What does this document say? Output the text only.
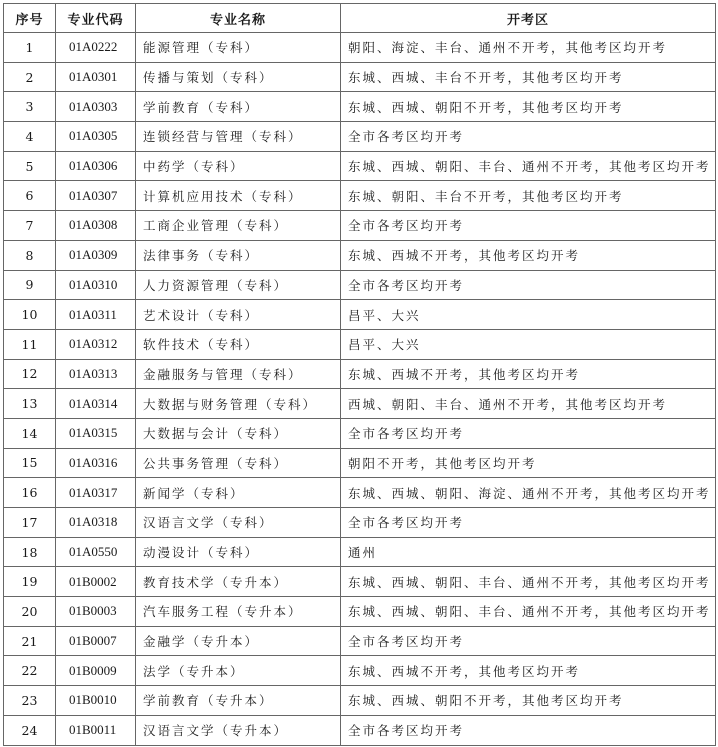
序号	专业代码	专业名称	开考区
1	01A0222	能源管理（专科）	朝阳、海淀、丰台、通州不开考，其他考区均开考
2	01A0301	传播与策划（专科）	东城、西城、丰台不开考，其他考区均开考
3	01A0303	学前教育（专科）	东城、西城、朝阳不开考，其他考区均开考
4	01A0305	连锁经营与管理（专科）	全市各考区均开考
5	01A0306	中药学（专科）	东城、西城、朝阳、丰台、通州不开考，其他考区均开考
6	01A0307	计算机应用技术（专科）	东城、朝阳、丰台不开考，其他考区均开考
7	01A0308	工商企业管理（专科）	全市各考区均开考
8	01A0309	法律事务（专科）	东城、西城不开考，其他考区均开考
9	01A0310	人力资源管理（专科）	全市各考区均开考
10	01A0311	艺术设计（专科）	昌平、大兴
11	01A0312	软件技术（专科）	昌平、大兴
12	01A0313	金融服务与管理（专科）	东城、西城不开考，其他考区均开考
13	01A0314	大数据与财务管理（专科）	西城、朝阳、丰台、通州不开考，其他考区均开考
14	01A0315	大数据与会计（专科）	全市各考区均开考
15	01A0316	公共事务管理（专科）	朝阳不开考，其他考区均开考
16	01A0317	新闻学（专科）	东城、西城、朝阳、海淀、通州不开考，其他考区均开考
17	01A0318	汉语言文学（专科）	全市各考区均开考
18	01A0550	动漫设计（专科）	通州
19	01B0002	教育技术学（专升本）	东城、西城、朝阳、丰台、通州不开考，其他考区均开考
20	01B0003	汽车服务工程（专升本）	东城、西城、朝阳、丰台、通州不开考，其他考区均开考
21	01B0007	金融学（专升本）	全市各考区均开考
22	01B0009	法学（专升本）	东城、西城不开考，其他考区均开考
23	01B0010	学前教育（专升本）	东城、西城、朝阳不开考，其他考区均开考
24	01B0011	汉语言文学（专升本）	全市各考区均开考
